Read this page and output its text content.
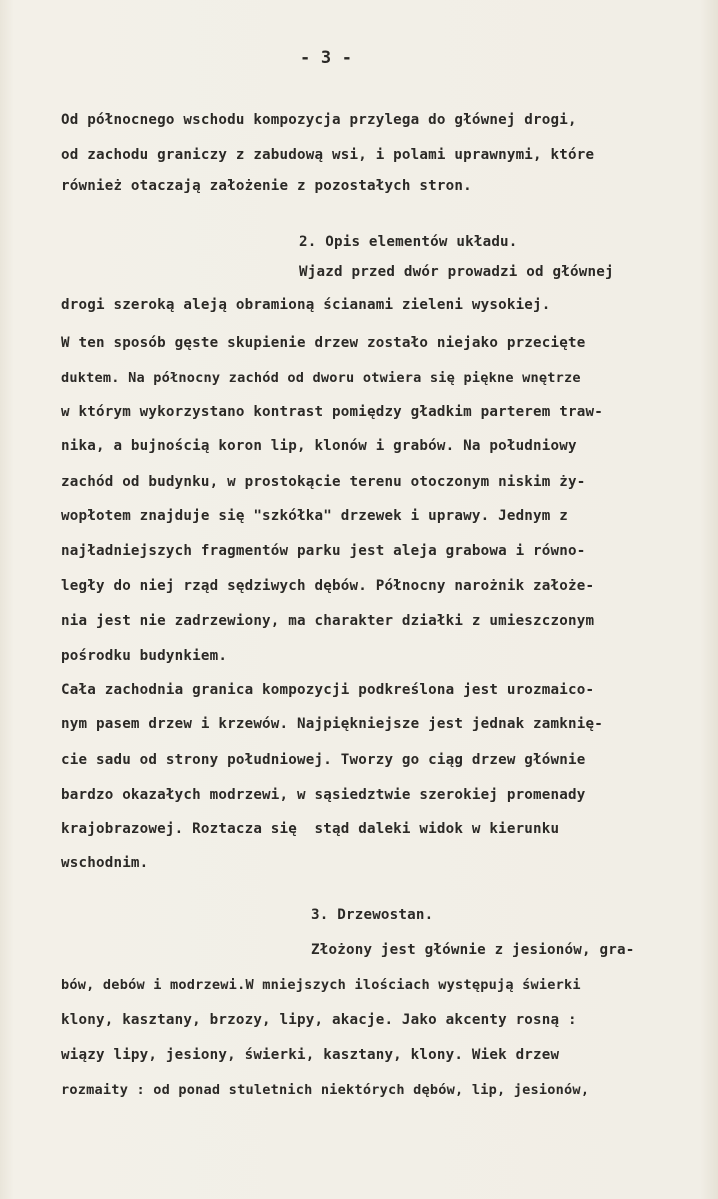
- 3 -
Od północnego wschodu kompozycja przylega do głównej drogi,
od zachodu graniczy z zabudową wsi, i polami uprawnymi, które
również otaczają założenie z pozostałych stron.
2. Opis elementów układu.
Wjazd przed dwór prowadzi od głównej
drogi szeroką aleją obramioną ścianami zieleni wysokiej.
W ten sposób gęste skupienie drzew zostało niejako przecięte
duktem. Na północny zachód od dworu otwiera się piękne wnętrze
w którym wykorzystano kontrast pomiędzy gładkim parterem traw-
nika, a bujnością koron lip, klonów i grabów. Na południowy
zachód od budynku, w prostokącie terenu otoczonym niskim ży-
wopłotem znajduje się "szkółka" drzewek i uprawy. Jednym z
najładniejszych fragmentów parku jest aleja grabowa i równo-
legły do niej rząd sędziwych dębów. Północny narożnik założe-
nia jest nie zadrzewiony, ma charakter działki z umieszczonym
pośrodku budynkiem.
Cała zachodnia granica kompozycji podkreślona jest urozmaico-
nym pasem drzew i krzewów. Najpiękniejsze jest jednak zamknię-
cie sadu od strony południowej. Tworzy go ciąg drzew głównie
bardzo okazałych modrzewi, w sąsiedztwie szerokiej promenady
krajobrazowej. Roztacza się  stąd daleki widok w kierunku
wschodnim.
3. Drzewostan.
Złożony jest głównie z jesionów, gra-
bów, debów i modrzewi.W mniejszych ilościach występują świerki
klony, kasztany, brzozy, lipy, akacje. Jako akcenty rosną :
wiązy lipy, jesiony, świerki, kasztany, klony. Wiek drzew
rozmaity : od ponad stuletnich niektórych dębów, lip, jesionów,
